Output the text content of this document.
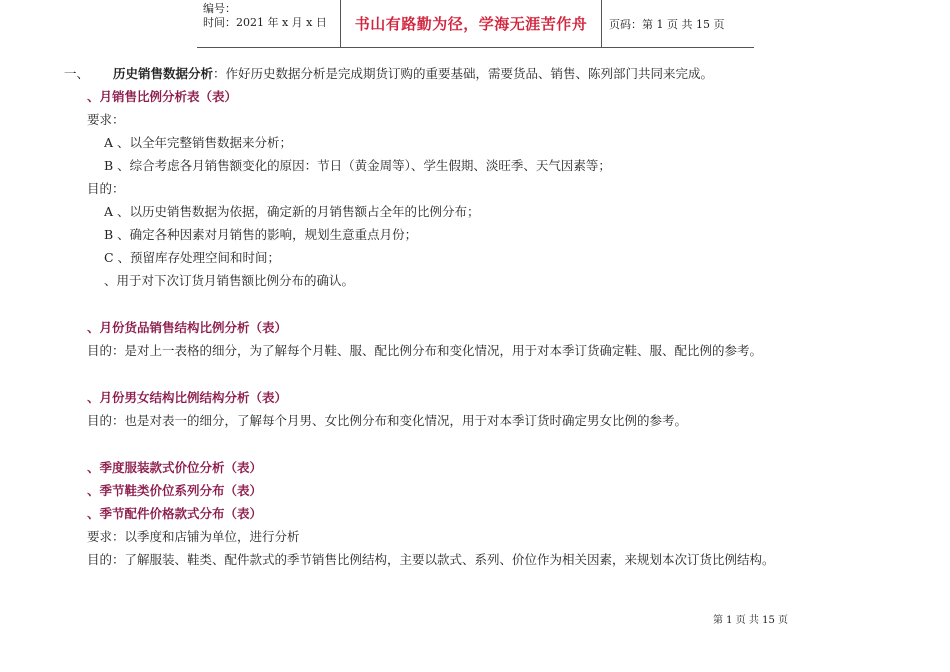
编号：
时间：2021 年 x 月 x 日	书山有路勤为径，学海无涯苦作舟	页码：第 1 页 共 15 页
一、 历史销售数据分析：作好历史数据分析是完成期货订购的重要基础，需要货品、销售、陈列部门共同来完成。
、月销售比例分析表（表）
要求：
A 、以全年完整销售数据来分析；
B 、综合考虑各月销售额变化的原因：节日（黄金周等）、学生假期、淡旺季、天气因素等；
目的：
A 、以历史销售数据为依据，确定新的月销售额占全年的比例分布；
B 、确定各种因素对月销售的影响，规划生意重点月份；
C 、预留库存处理空间和时间；
、用于对下次订货月销售额比例分布的确认。
、月份货品销售结构比例分析（表）
目的：是对上一表格的细分，为了解每个月鞋、服、配比例分布和变化情况，用于对本季订货确定鞋、服、配比例的参考。
、月份男女结构比例结构分析（表）
目的：也是对表一的细分，了解每个月男、女比例分布和变化情况，用于对本季订货时确定男女比例的参考。
、季度服装款式价位分析（表）
、季节鞋类价位系列分布（表）
、季节配件价格款式分布（表）
要求：以季度和店铺为单位，进行分析
目的：了解服装、鞋类、配件款式的季节销售比例结构，主要以款式、系列、价位作为相关因素，来规划本次订货比例结构。
第 1 页 共 15 页
